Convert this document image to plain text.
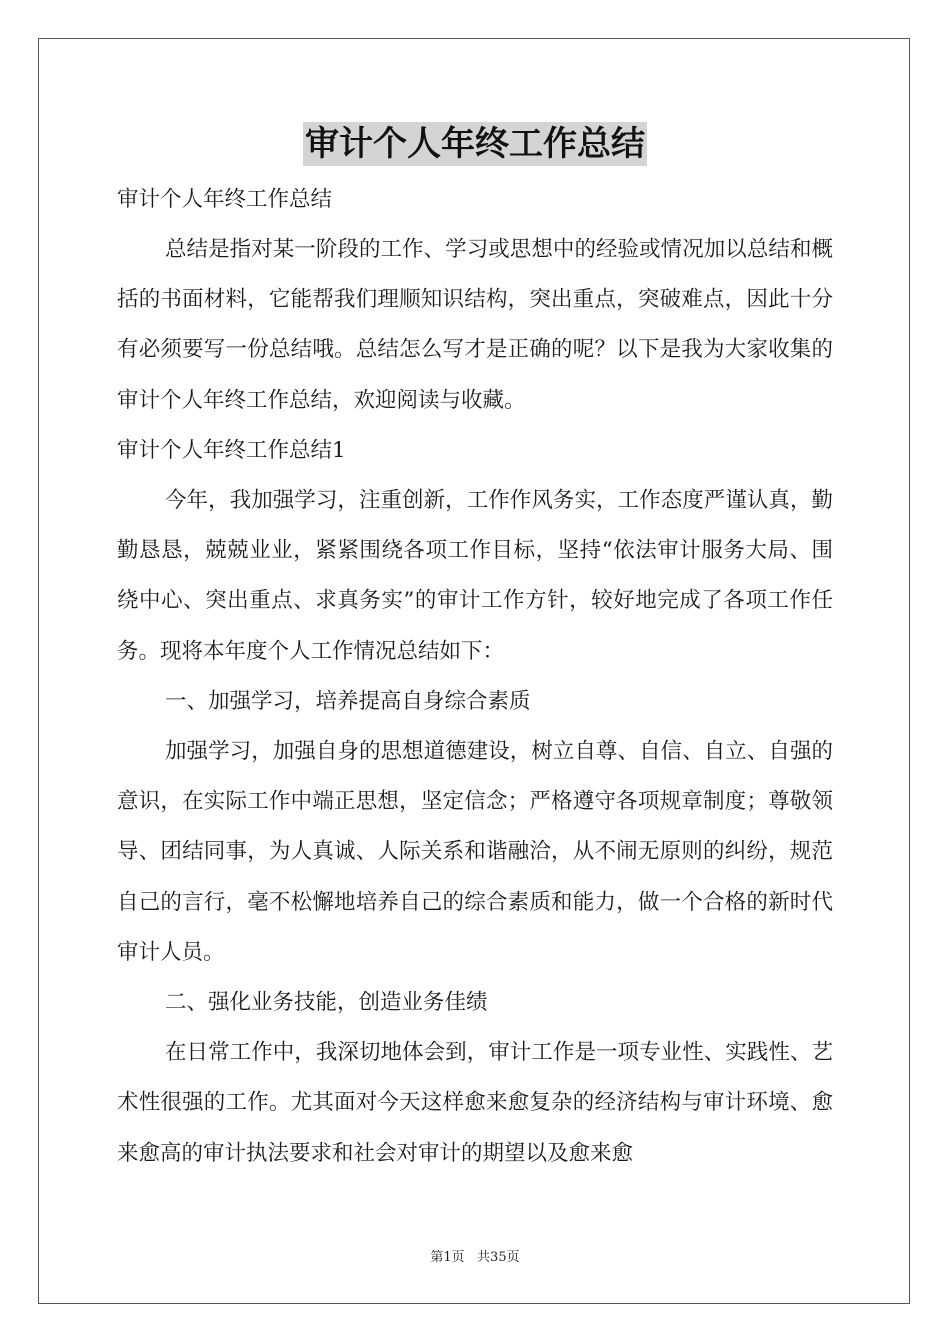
审计个人年终工作总结

审计个人年终工作总结

总结是指对某一阶段的工作、学习或思想中的经验或情况加以总结和概括的书面材料，它能帮我们理顺知识结构，突出重点，突破难点，因此十分有必须要写一份总结哦。总结怎么写才是正确的呢？以下是我为大家收集的审计个人年终工作总结，欢迎阅读与收藏。

审计个人年终工作总结1

今年，我加强学习，注重创新，工作作风务实，工作态度严谨认真，勤勤恳恳，兢兢业业，紧紧围绕各项工作目标，坚持“依法审计服务大局、围绕中心、突出重点、求真务实”的审计工作方针，较好地完成了各项工作任务。现将本年度个人工作情况总结如下：

一、加强学习，培养提高自身综合素质

加强学习，加强自身的思想道德建设，树立自尊、自信、自立、自强的意识，在实际工作中端正思想，坚定信念；严格遵守各项规章制度；尊敬领导、团结同事，为人真诚、人际关系和谐融洽，从不闹无原则的纠纷，规范自己的言行，毫不松懈地培养自己的综合素质和能力，做一个合格的新时代审计人员。

二、强化业务技能，创造业务佳绩

在日常工作中，我深切地体会到，审计工作是一项专业性、实践性、艺术性很强的工作。尤其面对今天这样愈来愈复杂的经济结构与审计环境、愈来愈高的审计执法要求和社会对审计的期望以及愈来愈

第1页   共35页
